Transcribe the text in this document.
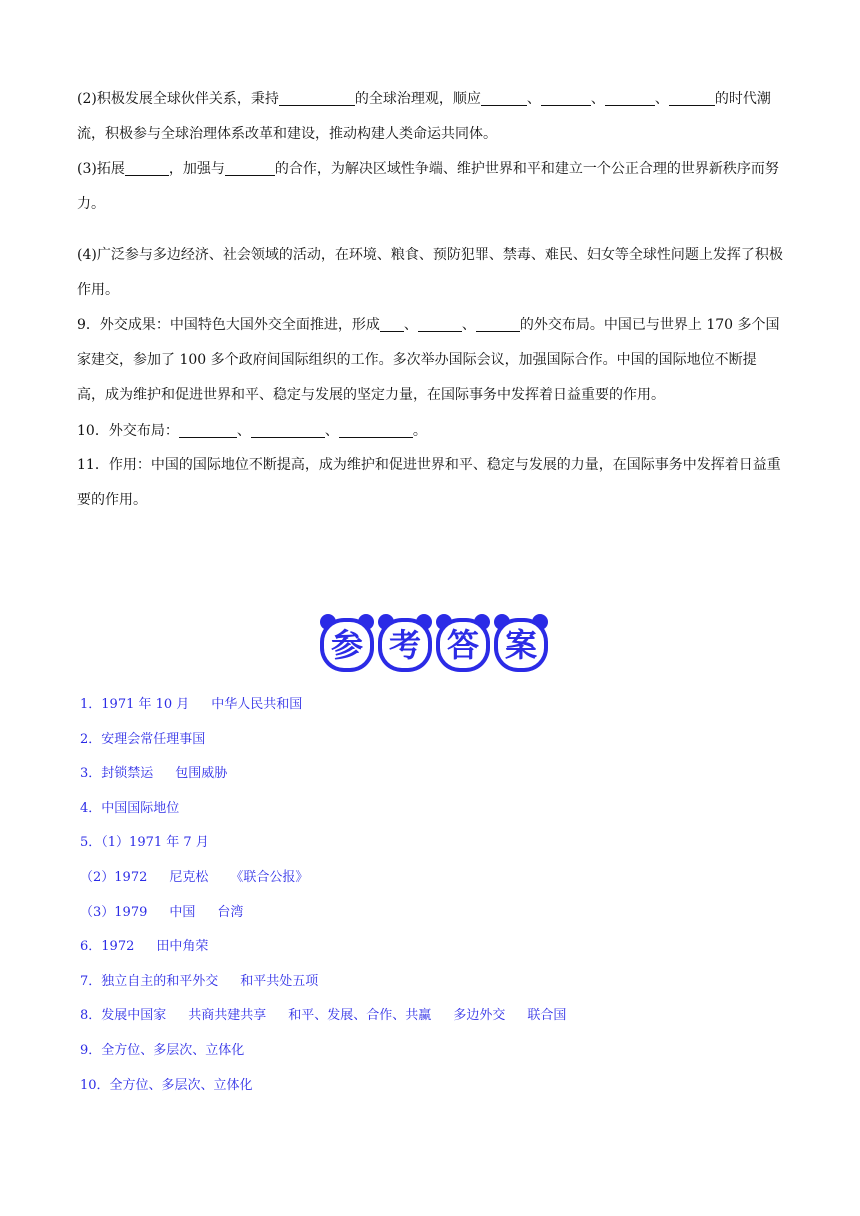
(2)积极发展全球伙伴关系，秉持	的全球治理观，顺应	、	、	、	的时代潮流，积极参与全球治理体系改革和建设，推动构建人类命运共同体。

(3)拓展	，加强与	的合作，为解决区域性争端、维护世界和平和建立一个公正合理的世界新秩序而努力。

(4)广泛参与多边经济、社会领域的活动，在环境、粮食、预防犯罪、禁毒、难民、妇女等全球性问题上发挥了积极作用。

9．外交成果：中国特色大国外交全面推进，形成 、	、	的外交布局。中国已与世界上 170 多个国家建交，参加了 100 多个政府间国际组织的工作。多次举办国际会议，加强国际合作。中国的国际地位不断提高，成为维护和促进世界和平、稳定与发展的坚定力量，在国际事务中发挥着日益重要的作用。

10．外交布局：	、	、	。

11．作用：中国的国际地位不断提高，成为维护和促进世界和平、稳定与发展的力量，在国际事务中发挥着日益重要的作用。

参 考 答 案

1．1971 年 10 月 中华人民共和国

2．安理会常任理事国

3．封锁禁运 包围威胁

4．中国国际地位

5．（1）1971 年 7 月

（2）1972 尼克松 《联合公报》

（3）1979 中国 台湾

6．1972 田中角荣

7．独立自主的和平外交 和平共处五项

8．发展中国家 共商共建共享 和平、发展、合作、共赢 多边外交 联合国

9．全方位、多层次、立体化

10．全方位、多层次、立体化
